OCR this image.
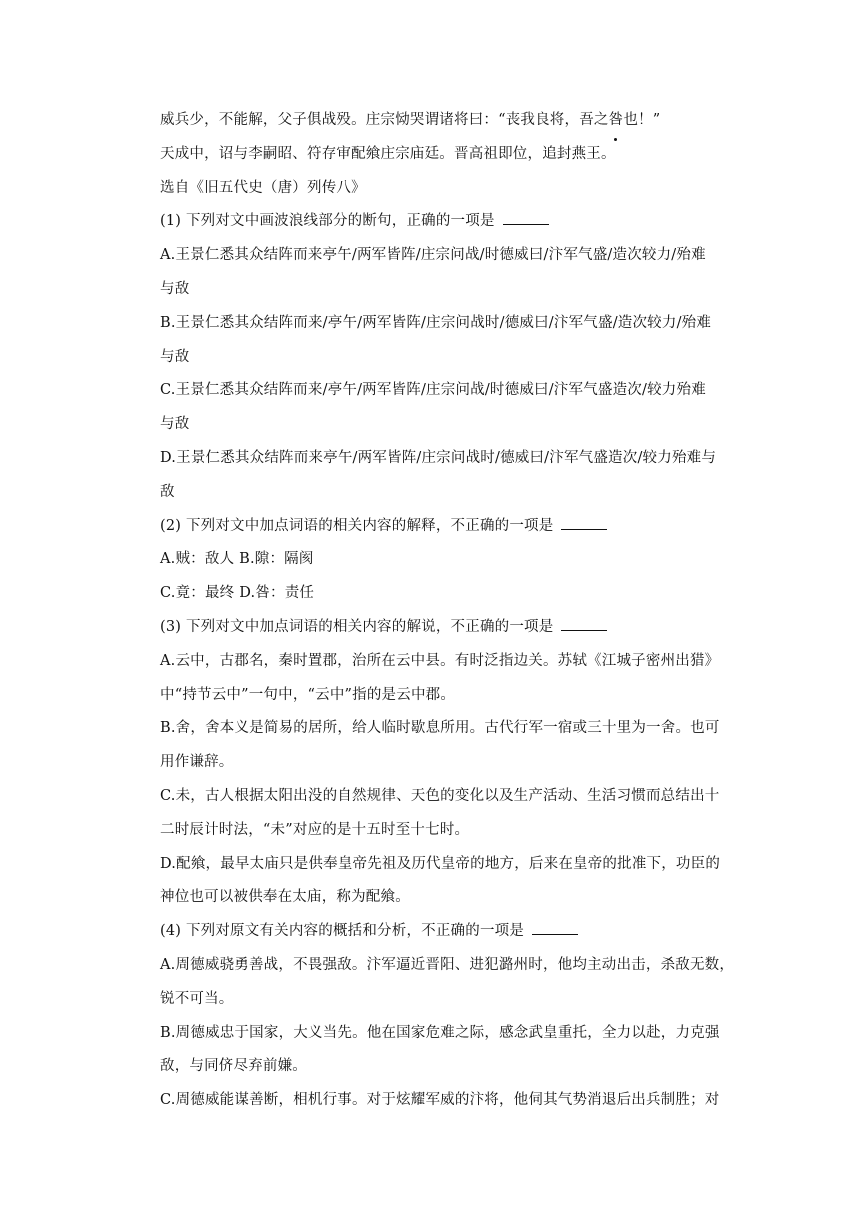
威兵少，不能解，父子俱战殁。庄宗恸哭谓诸将曰：“丧我良将，吾之咎也！”
天成中，诏与李嗣昭、符存审配飨庄宗庙廷。晋高祖即位，追封燕王。
选自《旧五代史（唐）列传八》
(1) 下列对文中画波浪线部分的断句，正确的一项是
A.王景仁悉其众结阵而来亭午/两军皆阵/庄宗问战/时德威曰/汴军气盛/造次较力/殆难
与敌
B.王景仁悉其众结阵而来/亭午/两军皆阵/庄宗问战时/德威曰/汴军气盛/造次较力/殆难
与敌
C.王景仁悉其众结阵而来/亭午/两军皆阵/庄宗问战/时德威曰/汴军气盛造次/较力殆难
与敌
D.王景仁悉其众结阵而来亭午/两军皆阵/庄宗问战时/德威曰/汴军气盛造次/较力殆难与
敌
(2) 下列对文中加点词语的相关内容的解释，不正确的一项是
A.贼：敌人 B.隙：隔阂
C.竟：最终 D.咎：责任
(3) 下列对文中加点词语的相关内容的解说，不正确的一项是
A.云中，古郡名，秦时置郡，治所在云中县。有时泛指边关。苏轼《江城子密州出猎》
中“持节云中”一句中，“云中”指的是云中郡。
B.舍，舍本义是简易的居所，给人临时歇息所用。古代行军一宿或三十里为一舍。也可
用作谦辞。
C.未，古人根据太阳出没的自然规律、天色的变化以及生产活动、生活习惯而总结出十
二时辰计时法，“未”对应的是十五时至十七时。
D.配飨，最早太庙只是供奉皇帝先祖及历代皇帝的地方，后来在皇帝的批准下，功臣的
神位也可以被供奉在太庙，称为配飨。
(4) 下列对原文有关内容的概括和分析，不正确的一项是
A.周德威骁勇善战，不畏强敌。汴军逼近晋阳、进犯潞州时，他均主动出击，杀敌无数，
锐不可当。
B.周德威忠于国家，大义当先。他在国家危难之际，感念武皇重托，全力以赴，力克强
敌，与同侪尽弃前嫌。
C.周德威能谋善断，相机行事。对于炫耀军威的汴将，他伺其气势消退后出兵制胜；对
